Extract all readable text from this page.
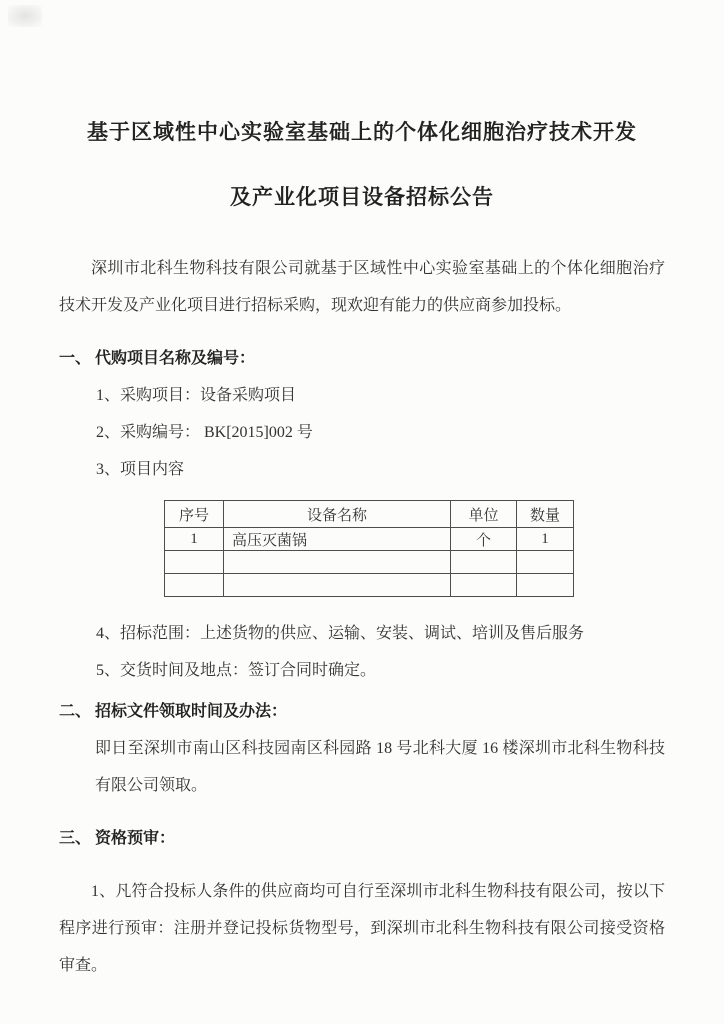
基于区域性中心实验室基础上的个体化细胞治疗技术开发
及产业化项目设备招标公告

深圳市北科生物科技有限公司就基于区域性中心实验室基础上的个体化细胞治疗技术开发及产业化项目进行招标采购，现欢迎有能力的供应商参加投标。

一、 代购项目名称及编号：
1、采购项目：设备采购项目
2、采购编号： BK[2015]002 号
3、项目内容
序号	设备名称	单位	数量
1	高压灭菌锅	个	1

4、招标范围：上述货物的供应、运输、安装、调试、培训及售后服务
5、交货时间及地点：签订合同时确定。
二、 招标文件领取时间及办法：

即日至深圳市南山区科技园南区科园路 18 号北科大厦 16 楼深圳市北科生物科技有限公司领取。

三、 资格预审：

1、凡符合投标人条件的供应商均可自行至深圳市北科生物科技有限公司，按以下程序进行预审：注册并登记投标货物型号，到深圳市北科生物科技有限公司接受资格审查。
